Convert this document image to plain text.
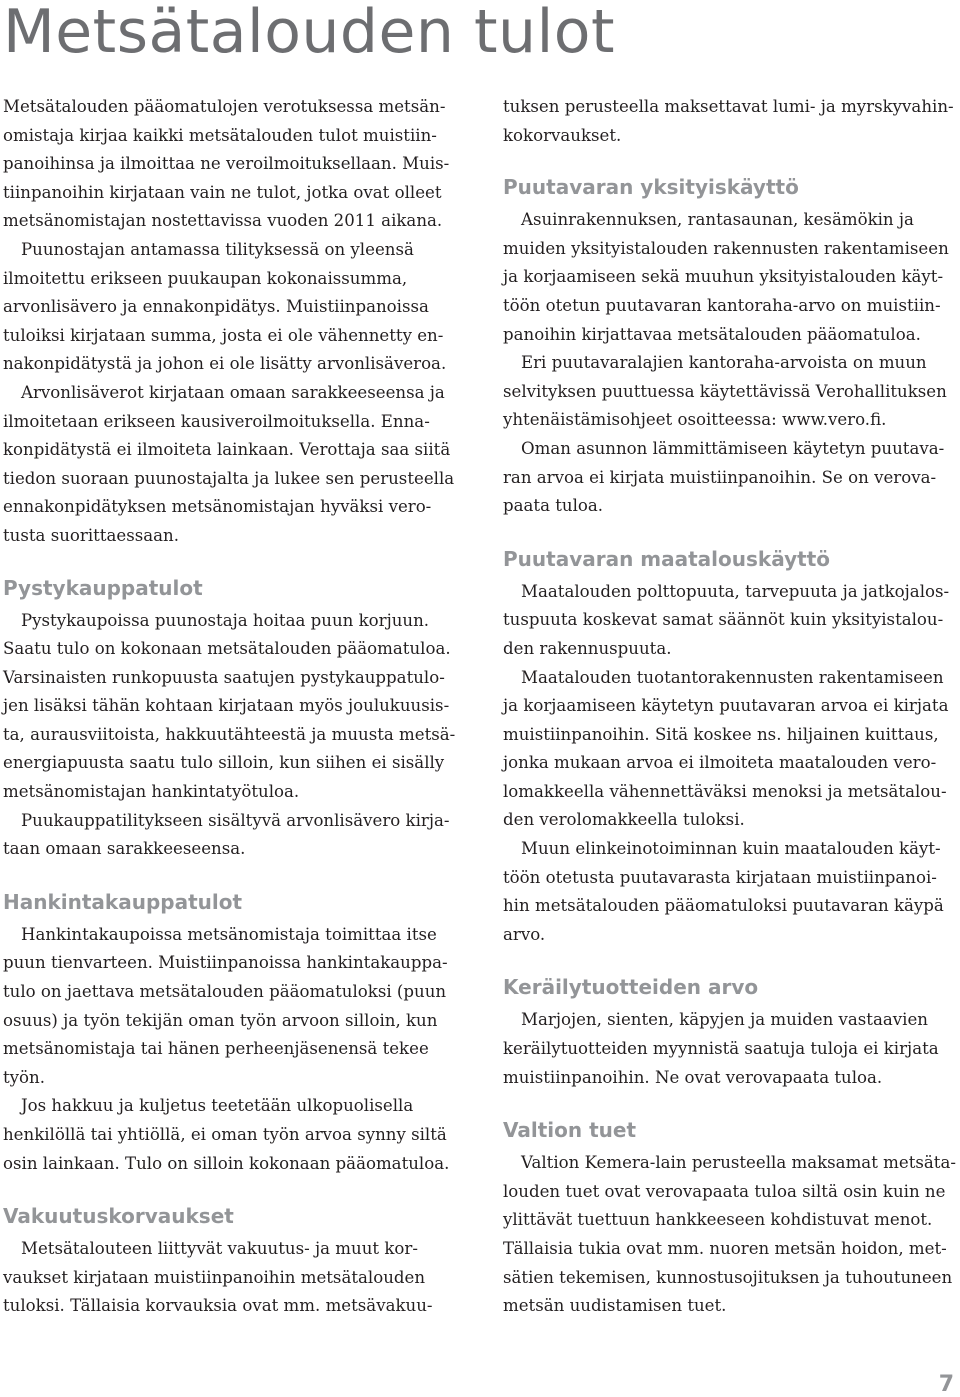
Metsätalouden tulot
Metsätalouden pääomatulojen verotuksessa metsän-
omistaja kirjaa kaikki metsätalouden tulot muistiin-
panoihinsa ja ilmoittaa ne veroilmoituksellaan. Muis-
tiinpanoihin kirjataan vain ne tulot, jotka ovat olleet
metsänomistajan nostettavissa vuoden 2011 aikana.
Puunostajan antamassa tilityksessä on yleensä
ilmoitettu erikseen puukaupan kokonaissumma,
arvonlisävero ja ennakonpidätys. Muistiinpanoissa
tuloiksi kirjataan summa, josta ei ole vähennetty en-
nakonpidätystä ja johon ei ole lisätty arvonlisäveroa.
Arvonlisäverot kirjataan omaan sarakkeeseensa ja
ilmoitetaan erikseen kausiveroilmoituksella. Enna-
konpidätystä ei ilmoiteta lainkaan. Verottaja saa siitä
tiedon suoraan puunostajalta ja lukee sen perusteella
ennakonpidätyksen metsänomistajan hyväksi vero-
tusta suorittaessaan.
Pystykauppatulot
Pystykaupoissa puunostaja hoitaa puun korjuun.
Saatu tulo on kokonaan metsätalouden pääomatuloa.
Varsinaisten runkopuusta saatujen pystykauppatulo-
jen lisäksi tähän kohtaan kirjataan myös joulukuusis-
ta, aurausviitoista, hakkuutähteestä ja muusta metsä-
energiapuusta saatu tulo silloin, kun siihen ei sisälly
metsänomistajan hankintatyötuloa.
Puukauppatilitykseen sisältyvä arvonlisävero kirja-
taan omaan sarakkeeseensa.
Hankintakauppatulot
Hankintakaupoissa metsänomistaja toimittaa itse
puun tienvarteen. Muistiinpanoissa hankintakauppa-
tulo on jaettava metsätalouden pääomatuloksi (puun
osuus) ja työn tekijän oman työn arvoon silloin, kun
metsänomistaja tai hänen perheenjäsenensä tekee
työn.
Jos hakkuu ja kuljetus teetetään ulkopuolisella
henkilöllä tai yhtiöllä, ei oman työn arvoa synny siltä
osin lainkaan. Tulo on silloin kokonaan pääomatuloa.
Vakuutuskorvaukset
Metsätalouteen liittyvät vakuutus- ja muut kor-
vaukset kirjataan muistiinpanoihin metsätalouden
tuloksi. Tällaisia korvauksia ovat mm. metsävakuu-
tuksen perusteella maksettavat lumi- ja myrskyvahin-
kokorvaukset.
Puutavaran yksityiskäyttö
Asuinrakennuksen, rantasaunan, kesämökin ja
muiden yksityistalouden rakennusten rakentamiseen
ja korjaamiseen sekä muuhun yksityistalouden käyt-
töön otetun puutavaran kantoraha-arvo on muistiin-
panoihin kirjattavaa metsätalouden pääomatuloa.
Eri puutavaralajien kantoraha-arvoista on muun
selvityksen puuttuessa käytettävissä Verohallituksen
yhtenäistämisohjeet osoitteessa: www.vero.fi.
Oman asunnon lämmittämiseen käytetyn puutava-
ran arvoa ei kirjata muistiinpanoihin. Se on verova-
paata tuloa.
Puutavaran maatalouskäyttö
Maatalouden polttopuuta, tarvepuuta ja jatkojalos-
tuspuuta koskevat samat säännöt kuin yksityistalou-
den rakennuspuuta.
Maatalouden tuotantorakennusten rakentamiseen
ja korjaamiseen käytetyn puutavaran arvoa ei kirjata
muistiinpanoihin. Sitä koskee ns. hiljainen kuittaus,
jonka mukaan arvoa ei ilmoiteta maatalouden vero-
lomakkeella vähennettäväksi menoksi ja metsätalou-
den verolomakkeella tuloksi.
Muun elinkeinotoiminnan kuin maatalouden käyt-
töön otetusta puutavarasta kirjataan muistiinpanoi-
hin metsätalouden pääomatuloksi puutavaran käypä
arvo.
Keräilytuotteiden arvo
Marjojen, sienten, käpyjen ja muiden vastaavien
keräilytuotteiden myynnistä saatuja tuloja ei kirjata
muistiinpanoihin. Ne ovat verovapaata tuloa.
Valtion tuet
Valtion Kemera-lain perusteella maksamat metsäta-
louden tuet ovat verovapaata tuloa siltä osin kuin ne
ylittävät tuettuun hankkeeseen kohdistuvat menot.
Tällaisia tukia ovat mm. nuoren metsän hoidon, met-
sätien tekemisen, kunnostusojituksen ja tuhoutuneen
metsän uudistamisen tuet.
7
